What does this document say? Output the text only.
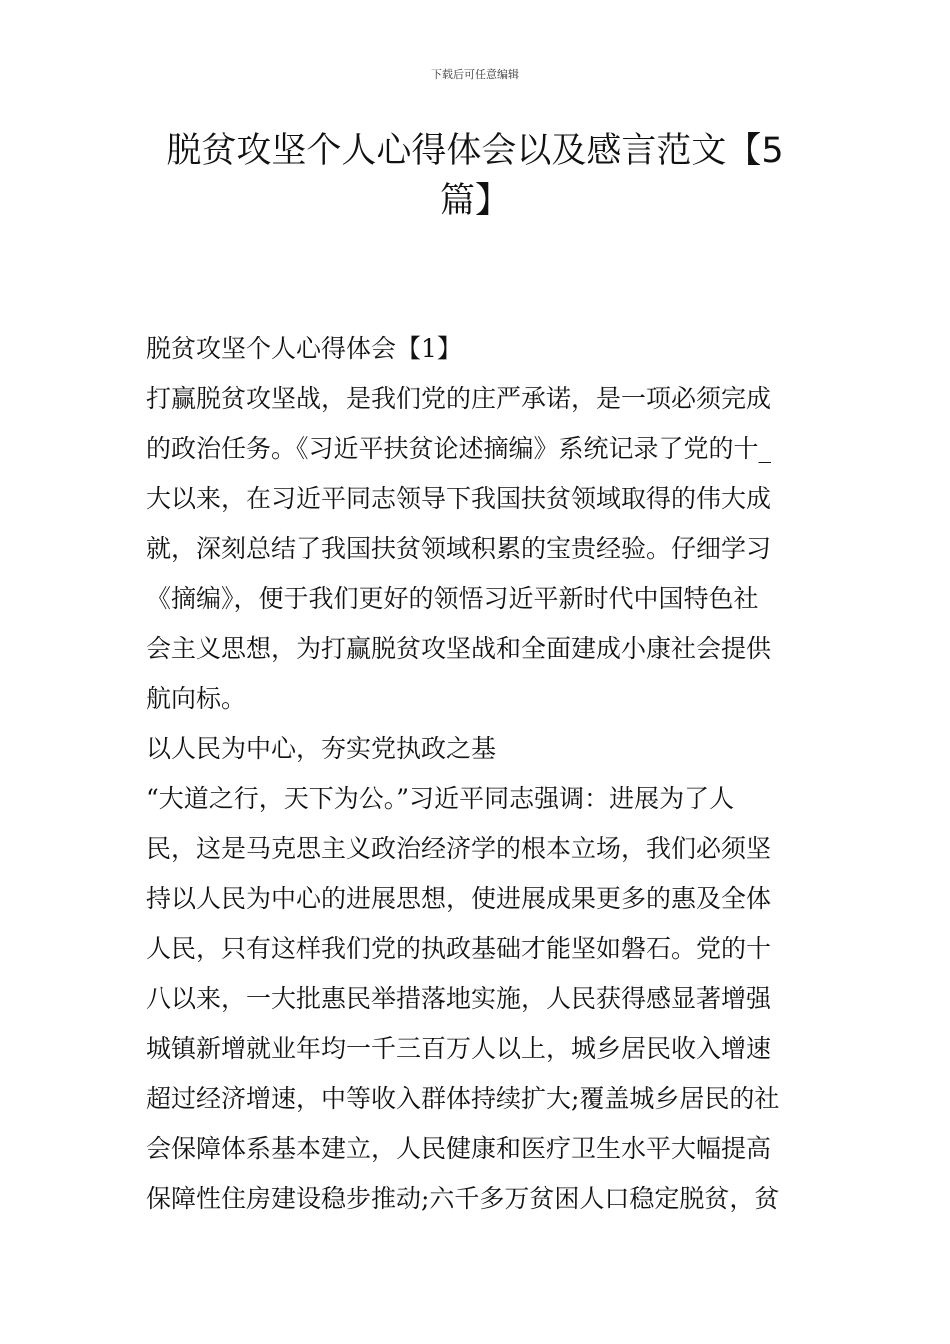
下载后可任意编辑
脱贫攻坚个人心得体会以及感言范文【5
篇】
脱贫攻坚个人心得体会【1】
打赢脱贫攻坚战，是我们党的庄严承诺，是一项必须完成
的政治任务。《习近平扶贫论述摘编》系统记录了党的十_
大以来，在习近平同志领导下我国扶贫领域取得的伟大成
就，深刻总结了我国扶贫领域积累的宝贵经验。仔细学习
《摘编》，便于我们更好的领悟习近平新时代中国特色社
会主义思想，为打赢脱贫攻坚战和全面建成小康社会提供
航向标。
以人民为中心，夯实党执政之基
“大道之行，天下为公。”习近平同志强调：进展为了人
民，这是马克思主义政治经济学的根本立场，我们必须坚
持以人民为中心的进展思想，使进展成果更多的惠及全体
人民，只有这样我们党的执政基础才能坚如磐石。党的十
八以来，一大批惠民举措落地实施，人民获得感显著增强
城镇新增就业年均一千三百万人以上，城乡居民收入增速
超过经济增速，中等收入群体持续扩大;覆盖城乡居民的社
会保障体系基本建立，人民健康和医疗卫生水平大幅提高
保障性住房建设稳步推动;六千多万贫困人口稳定脱贫，贫
